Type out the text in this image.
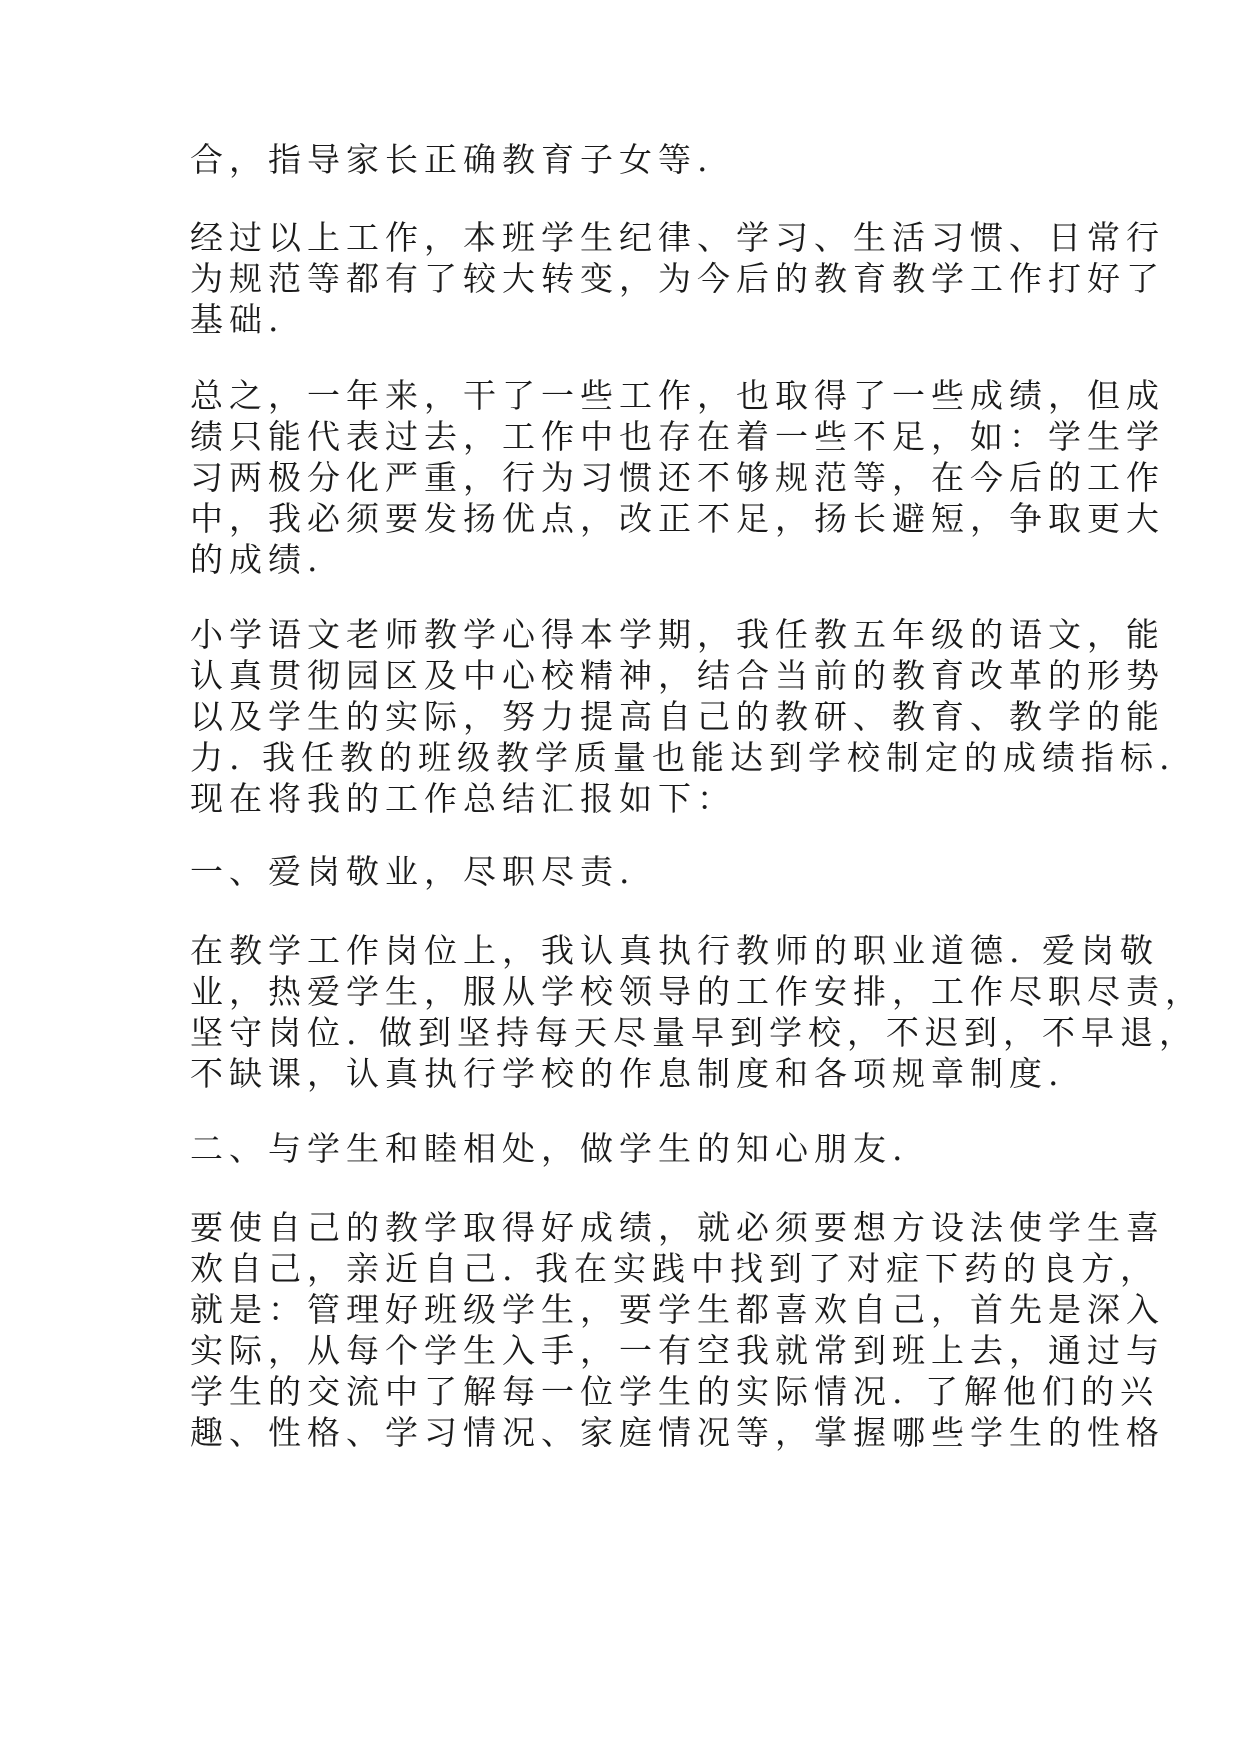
合，指导家长正确教育子女等.
经过以上工作，本班学生纪律、学习、生活习惯、日常行
为规范等都有了较大转变，为今后的教育教学工作打好了
基础.
总之，一年来，干了一些工作，也取得了一些成绩，但成
绩只能代表过去，工作中也存在着一些不足，如：学生学
习两极分化严重，行为习惯还不够规范等，在今后的工作
中，我必须要发扬优点，改正不足，扬长避短，争取更大
的成绩.
小学语文老师教学心得本学期，我任教五年级的语文，能
认真贯彻园区及中心校精神，结合当前的教育改革的形势
以及学生的实际，努力提高自己的教研、教育、教学的能
力. 我任教的班级教学质量也能达到学校制定的成绩指标.
现在将我的工作总结汇报如下：
一、爱岗敬业，尽职尽责.
在教学工作岗位上，我认真执行教师的职业道德. 爱岗敬
业，热爱学生，服从学校领导的工作安排，工作尽职尽责，
坚守岗位. 做到坚持每天尽量早到学校，不迟到，不早退，
不缺课，认真执行学校的作息制度和各项规章制度.
二、与学生和睦相处，做学生的知心朋友.
要使自己的教学取得好成绩，就必须要想方设法使学生喜
欢自己，亲近自己. 我在实践中找到了对症下药的良方，
就是：管理好班级学生，要学生都喜欢自己，首先是深入
实际，从每个学生入手，一有空我就常到班上去，通过与
学生的交流中了解每一位学生的实际情况. 了解他们的兴
趣、性格、学习情况、家庭情况等，掌握哪些学生的性格
